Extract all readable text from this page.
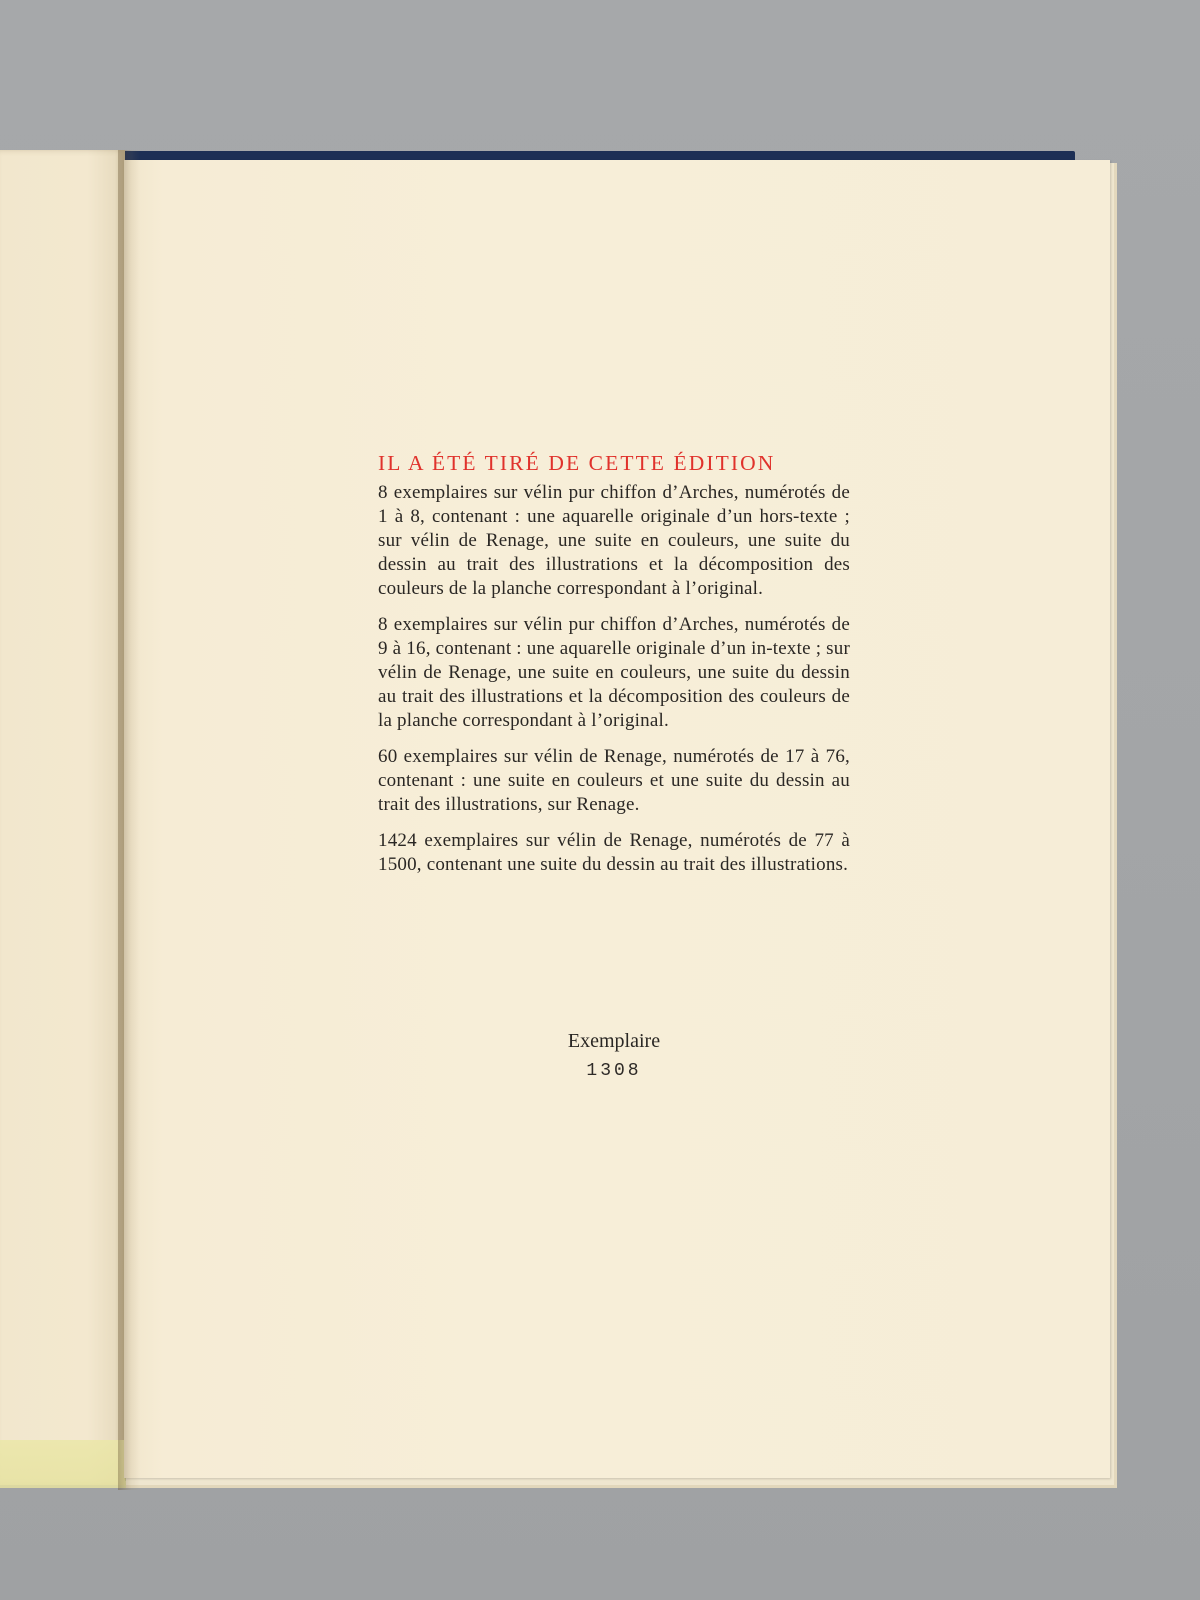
IL A ÉTÉ TIRÉ DE CETTE ÉDITION

8 exemplaires sur vélin pur chiffon d’Arches, numérotés de 1 à 8, contenant : une aquarelle originale d’un hors-texte ; sur vélin de Renage, une suite en couleurs, une suite du dessin au trait des illustrations et la décomposition des couleurs de la planche correspondant à l’original.

8 exemplaires sur vélin pur chiffon d’Arches, numérotés de 9 à 16, contenant : une aquarelle originale d’un in-texte ; sur vélin de Renage, une suite en couleurs, une suite du dessin au trait des illustrations et la décomposition des couleurs de la planche correspondant à l’original.

60 exemplaires sur vélin de Renage, numérotés de 17 à 76, contenant : une suite en couleurs et une suite du dessin au trait des illustrations, sur Renage.

1424 exemplaires sur vélin de Renage, numérotés de 77 à 1500, contenant une suite du dessin au trait des illustrations.

Exemplaire
1308
